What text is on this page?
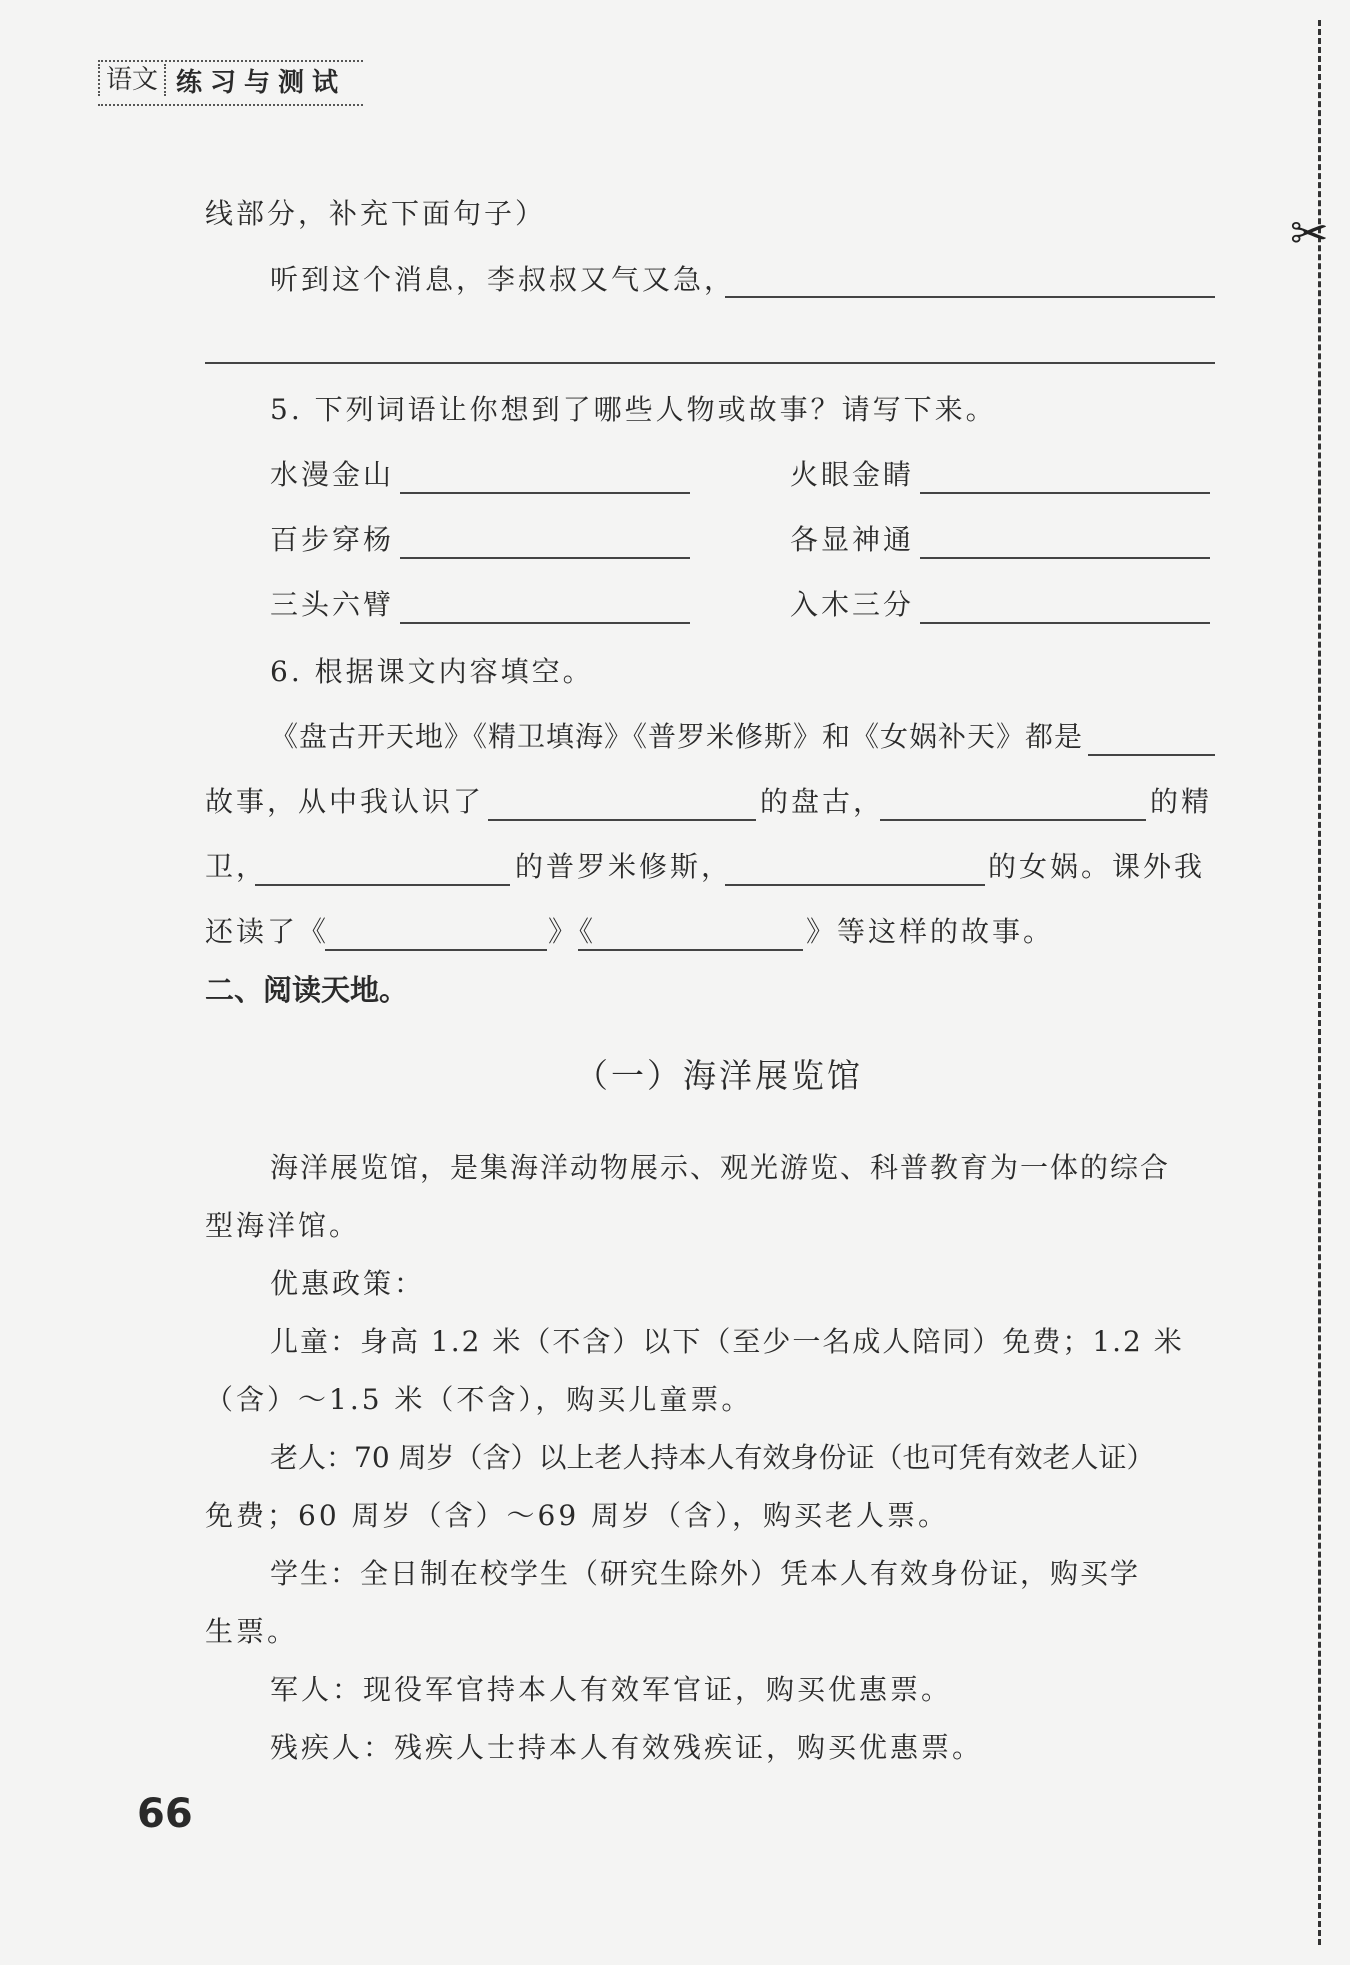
语文 练习与测试
✂
线部分，补充下面句子）
听到这个消息，李叔叔又气又急，
5. 下列词语让你想到了哪些人物或故事？请写下来。
水漫金山	火眼金睛
百步穿杨	各显神通
三头六臂	入木三分
6. 根据课文内容填空。
《盘古开天地》《精卫填海》《普罗米修斯》和《女娲补天》都是
故事，从中我认识了	的盘古，	的精
卫，	的普罗米修斯，	的女娲。课外我
还读了《	》《	》等这样的故事。
二、阅读天地。
（一）海洋展览馆
海洋展览馆，是集海洋动物展示、观光游览、科普教育为一体的综合
型海洋馆。
优惠政策：
儿童：身高 1.2 米（不含）以下（至少一名成人陪同）免费；1.2 米
（含）～1.5 米（不含），购买儿童票。
老人：70 周岁（含）以上老人持本人有效身份证（也可凭有效老人证）
免费；60 周岁（含）～69 周岁（含），购买老人票。
学生：全日制在校学生（研究生除外）凭本人有效身份证，购买学
生票。
军人：现役军官持本人有效军官证，购买优惠票。
残疾人：残疾人士持本人有效残疾证，购买优惠票。
66
